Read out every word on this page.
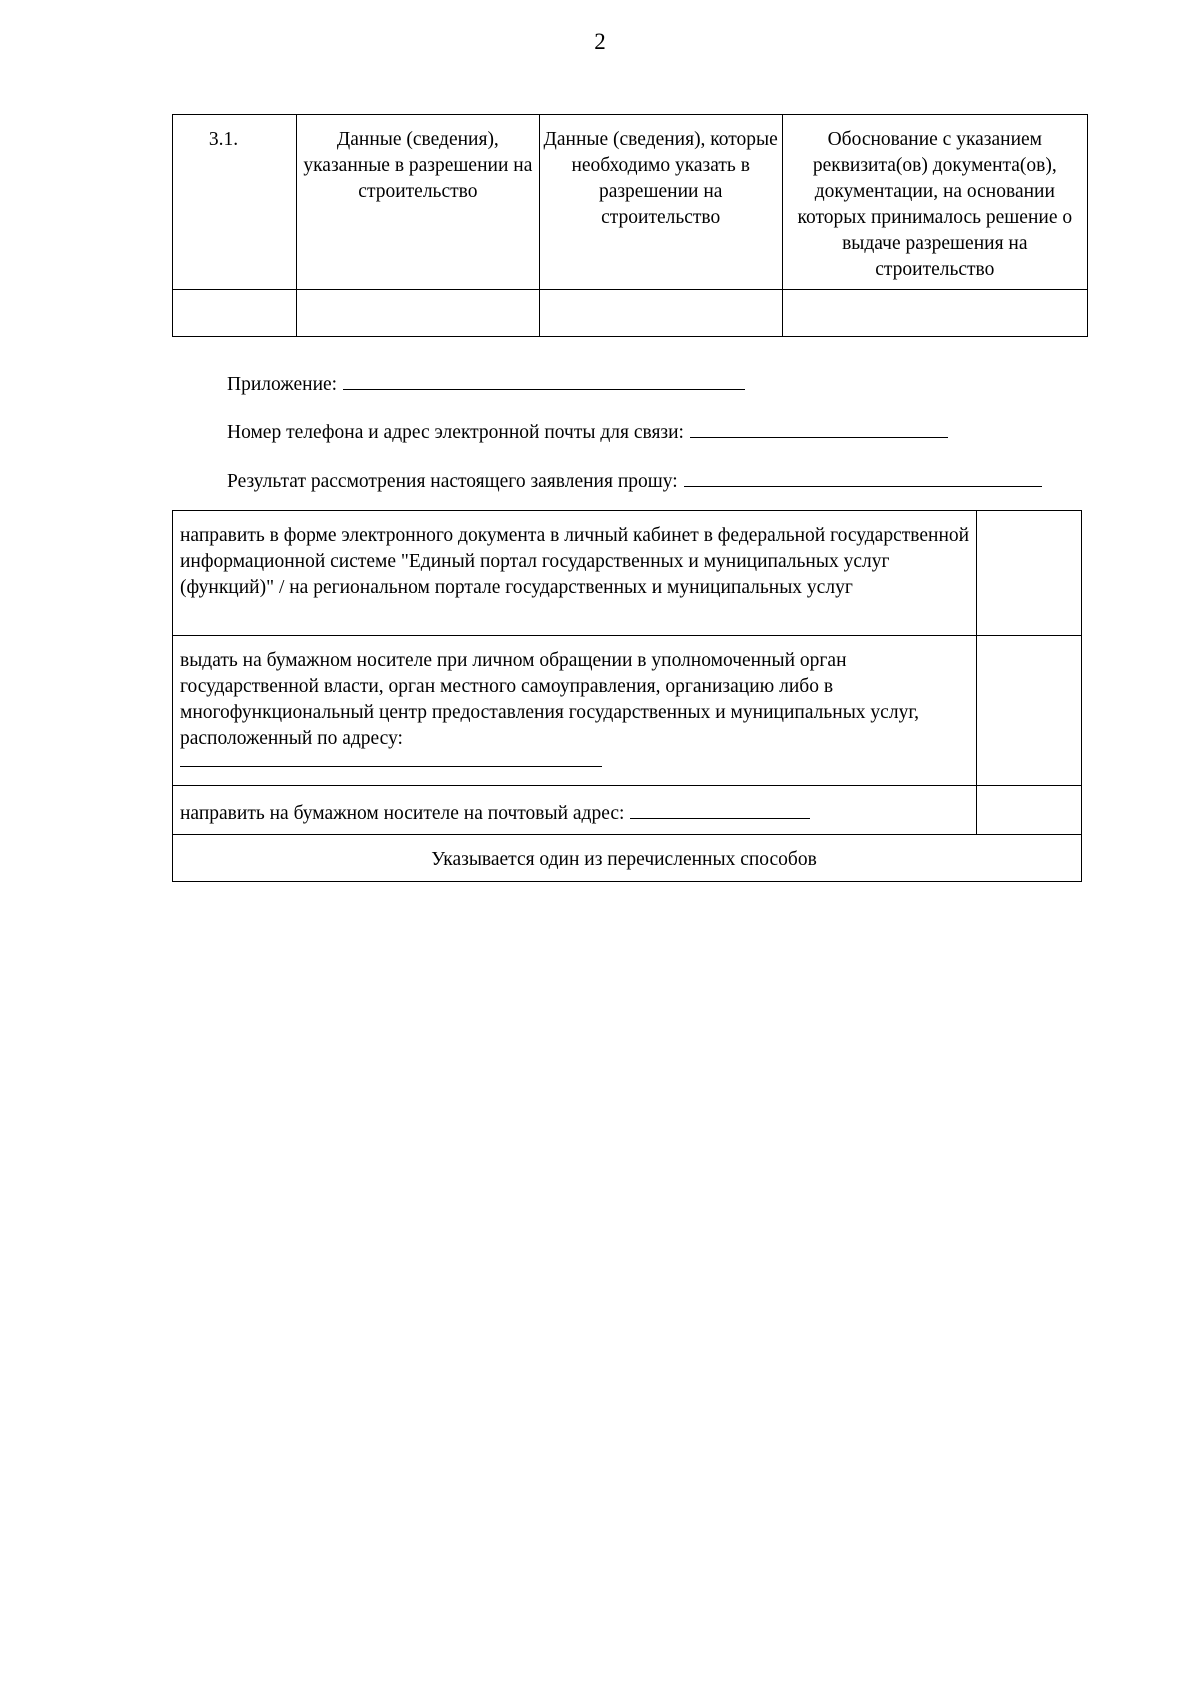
2
3.1.	Данные (сведения), указанные в разрешении на строительство	Данные (сведения), которые необходимо указать в разрешении на строительство	Обоснование с указанием реквизита(ов) документа(ов), документации, на основании которых принималось решение о выдаче разрешения на строительство

Приложение:
Номер телефона и адрес электронной почты для связи:
Результат рассмотрения настоящего заявления прошу:
направить в форме электронного документа в личный кабинет в федеральной государственной информационной системе "Единый портал государственных и муниципальных услуг (функций)" / на региональном портале государственных и муниципальных услуг	
выдать на бумажном носителе при личном обращении в уполномоченный орган государственной власти, орган местного самоуправления, организацию либо в многофункциональный центр предоставления государственных и муниципальных услуг, расположенный по адресу:

направить на бумажном носителе на почтовый адрес:	
Указывается один из перечисленных способов	
